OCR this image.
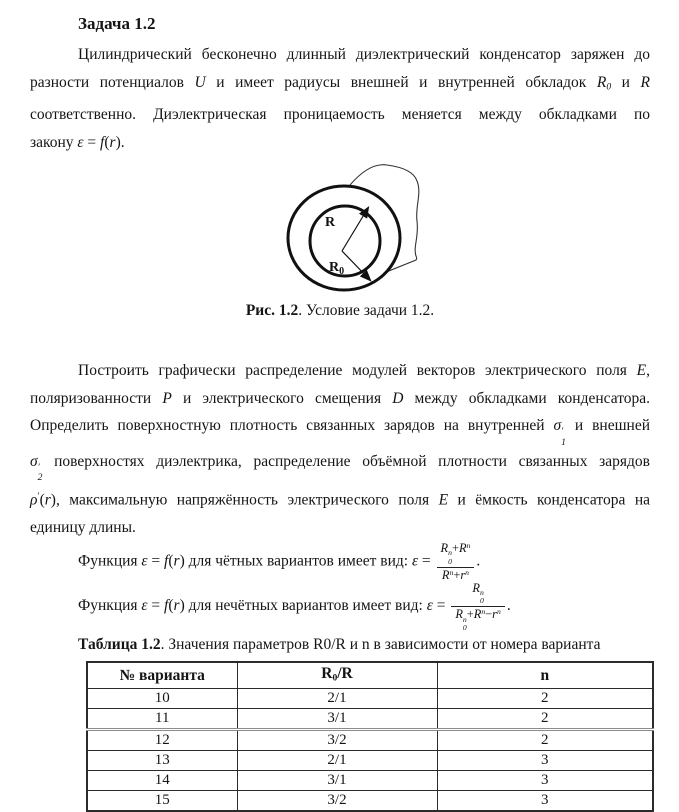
Задача 1.2
Цилиндрический бесконечно длинный диэлектрический конденсатор заряжен до
разности потенциалов U и имеет радиусы внешней и внутренней обкладок $R_0$ и R
соответственно. Диэлектрическая проницаемость меняется между обкладками по
закону ε = f(r).
R
$R_0$
Рис. 1.2. Условие задачи 1.2.
Построить графически распределение модулей векторов электрического поля E,
поляризованности P и электрического смещения D между обкладками конденсатора.
Определить поверхностную плотность связанных зарядов на внутренней σ ′
1
и внешней
σ ′
2
поверхностях диэлектрика, распределение объёмной плотности связанных зарядов
ρ′(r), максимальную напряжённость электрического поля E и ёмкость конденсатора на
единицу длины.
Функция ε = f(r) для чётных вариантов имеет вид: ε = R n
0
$+R^n$
$R^n+r^n$ .
Функция ε = f(r) для нечётных вариантов имеет вид: ε = R n
0
R n
0
$+R^n-r^n$ .
Таблица 1.2. Значения параметров R0/R и n в зависимости от номера варианта
№ варианта	$R_0/R$	n
10	2/1	2
11	3/1	2
12	3/2	2
13	2/1	3
14	3/1	3
15	3/2	3
